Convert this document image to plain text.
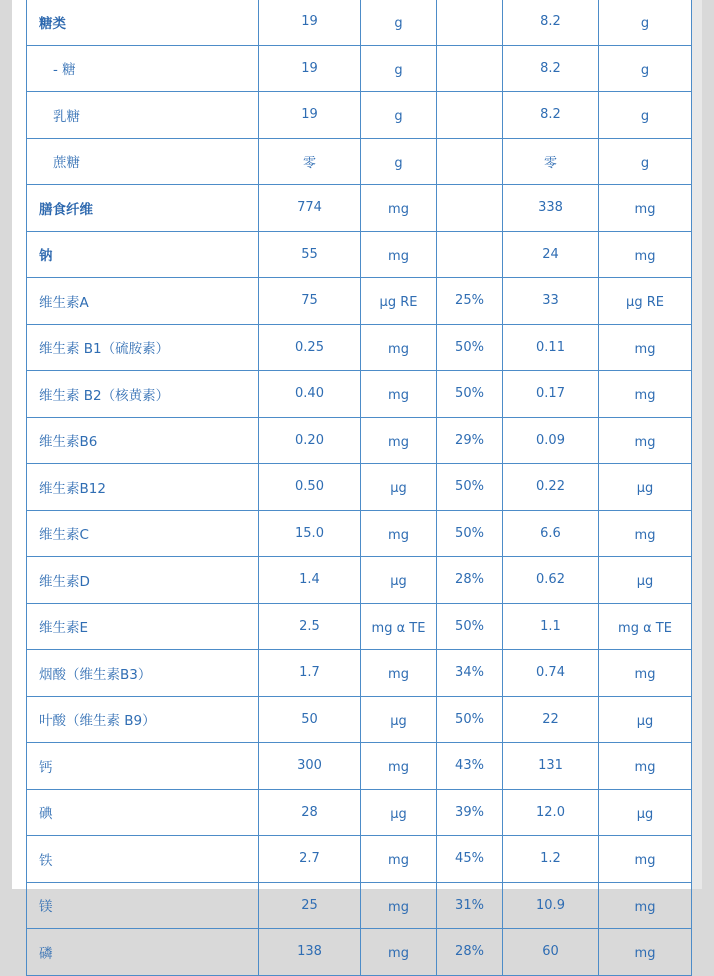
糖类	19	g		8.2	g
- 糖	19	g		8.2	g
乳糖	19	g		8.2	g
蔗糖	零	g		零	g
膳食纤维	774	mg		338	mg
钠	55	mg		24	mg
维生素A	75	μg RE	25%	33	μg RE
维生素 B1（硫胺素）	0.25	mg	50%	0.11	mg
维生素 B2（核黄素）	0.40	mg	50%	0.17	mg
维生素B6	0.20	mg	29%	0.09	mg
维生素B12	0.50	μg	50%	0.22	μg
维生素C	15.0	mg	50%	6.6	mg
维生素D	1.4	μg	28%	0.62	μg
维生素E	2.5	mg α TE	50%	1.1	mg α TE
烟酸（维生素B3）	1.7	mg	34%	0.74	mg
叶酸（维生素 B9）	50	μg	50%	22	μg
钙	300	mg	43%	131	mg
碘	28	μg	39%	12.0	μg
铁	2.7	mg	45%	1.2	mg
镁	25	mg	31%	10.9	mg
磷	138	mg	28%	60	mg
